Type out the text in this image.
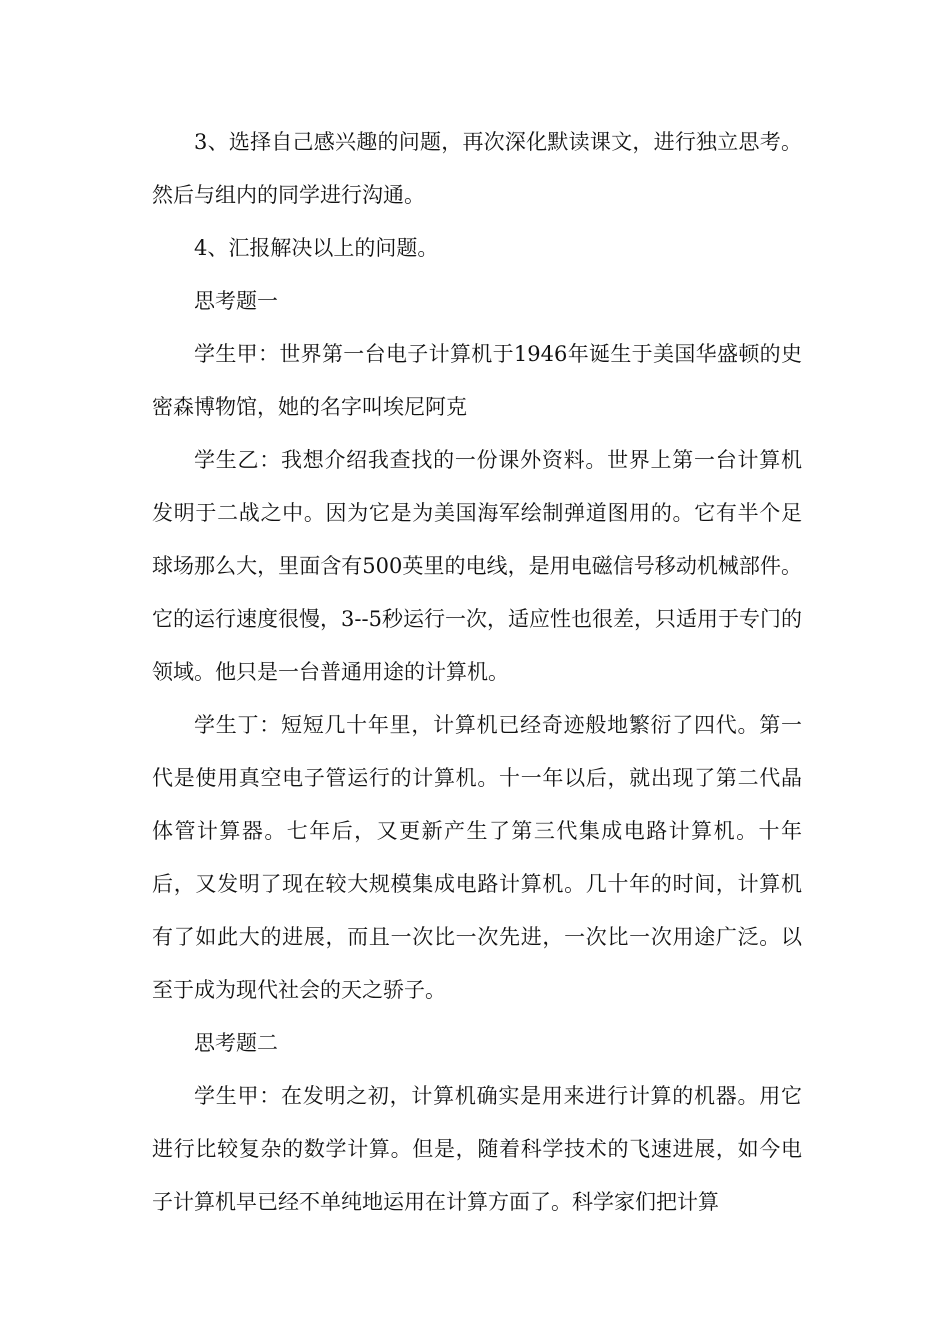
3、选择自己感兴趣的问题，再次深化默读课文，进行独立思考。然后与组内的同学进行沟通。

4、汇报解决以上的问题。

思考题一

学生甲：世界第一台电子计算机于1946年诞生于美国华盛顿的史密森博物馆，她的名字叫埃尼阿克

学生乙：我想介绍我查找的一份课外资料。世界上第一台计算机发明于二战之中。因为它是为美国海军绘制弹道图用的。它有半个足球场那么大，里面含有500英里的电线，是用电磁信号移动机械部件。它的运行速度很慢，3--5秒运行一次，适应性也很差，只适用于专门的领域。他只是一台普通用途的计算机。

学生丁：短短几十年里，计算机已经奇迹般地繁衍了四代。第一代是使用真空电子管运行的计算机。十一年以后，就出现了第二代晶体管计算器。七年后，又更新产生了第三代集成电路计算机。十年后，又发明了现在较大规模集成电路计算机。几十年的时间，计算机有了如此大的进展，而且一次比一次先进，一次比一次用途广泛。以至于成为现代社会的天之骄子。

思考题二

学生甲：在发明之初，计算机确实是用来进行计算的机器。用它进行比较复杂的数学计算。但是，随着科学技术的飞速进展，如今电子计算机早已经不单纯地运用在计算方面了。科学家们把计算
